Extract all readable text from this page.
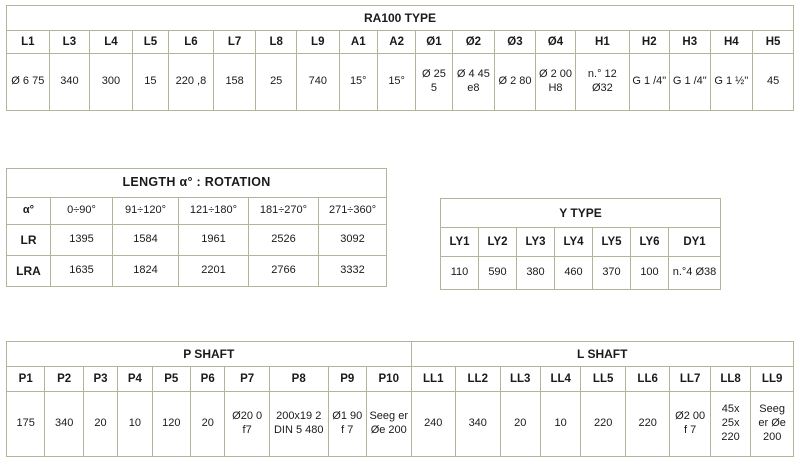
RA100 TYPE																		
L1	L3	L4	L5	L6	L7	L8	L9	A1	A2	Ø1	Ø2	Ø3	Ø4	H1	H2	H3	H4	H5
Ø 6 75	340	300	15	220 ,8	158	25	740	15°	15°	Ø 25 5	Ø 4 45 e8	Ø 2 80	Ø 2 00 H8	n.° 12 Ø32	G 1 /4"	G 1 /4"	G 1 ½"	45
LENGTH α° : ROTATION					
α°	0÷90°	91÷120°	121÷180°	181÷270°	271÷360°
LR	1395	1584	1961	2526	3092
LRA	1635	1824	2201	2766	3332
Y TYPE						
LY1	LY2	LY3	LY4	LY5	LY6	DY1
110	590	380	460	370	100	n.°4 Ø38
P SHAFT										L SHAFT								
P1	P2	P3	P4	P5	P6	P7	P8	P9	P10	LL1	LL2	LL3	LL4	LL5	LL6	LL7	LL8	LL9
175	340	20	10	120	20	Ø20 0 f7	200x19 2 DIN 5 480	Ø1 90 f 7	Seeg er Øe 200	240	340	20	10	220	220	Ø2 00 f 7	45x 25x 220	Seeg er Øe 200
